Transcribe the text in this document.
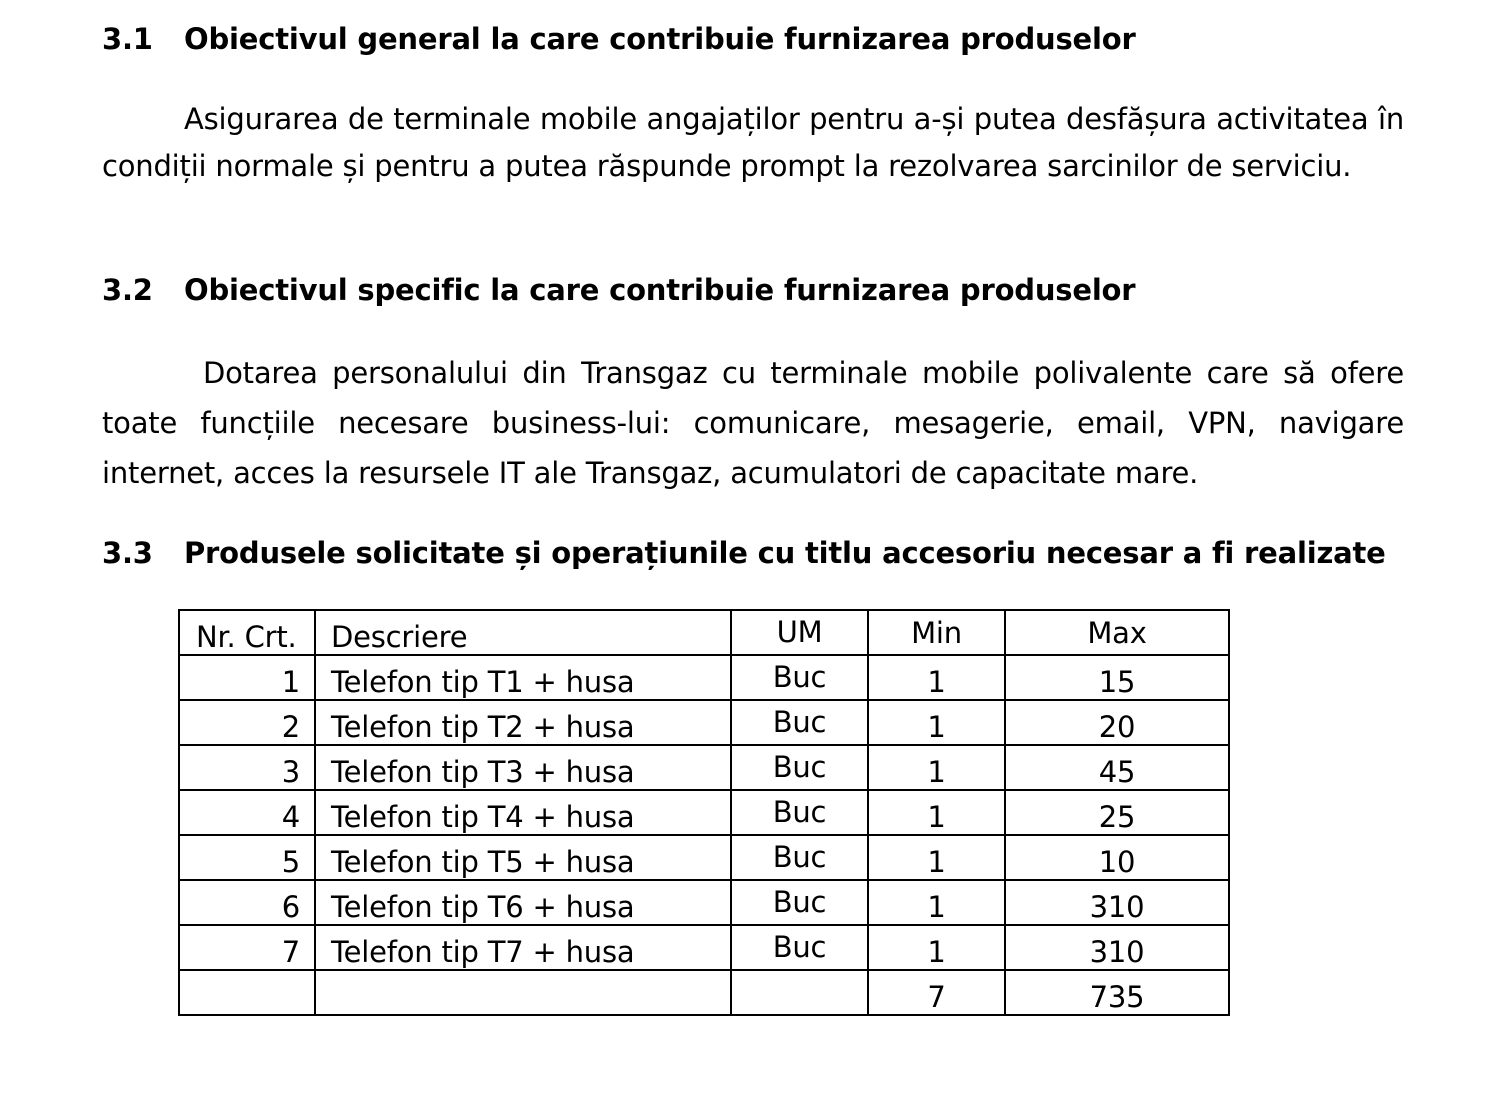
3.1 Obiectivul general la care contribuie furnizarea produselor

Asigurarea de terminale mobile angajaților pentru a-și putea desfășura activitatea în condiții normale și pentru a putea răspunde prompt la rezolvarea sarcinilor de serviciu.

3.2 Obiectivul specific la care contribuie furnizarea produselor

Dotarea personalului din Transgaz cu terminale mobile polivalente care să ofere toate funcțiile necesare business-lui: comunicare, mesagerie, email, VPN, navigare internet, acces la resursele IT ale Transgaz, acumulatori de capacitate mare.

3.3 Produsele solicitate și operațiunile cu titlu accesoriu necesar a fi realizate
Nr. Crt.	Descriere	UM	Min	Max
1	Telefon tip T1 + husa	Buc	1	15
2	Telefon tip T2 + husa	Buc	1	20
3	Telefon tip T3 + husa	Buc	1	45
4	Telefon tip T4 + husa	Buc	1	25
5	Telefon tip T5 + husa	Buc	1	10
6	Telefon tip T6 + husa	Buc	1	310
7	Telefon tip T7 + husa	Buc	1	310
			7	735
